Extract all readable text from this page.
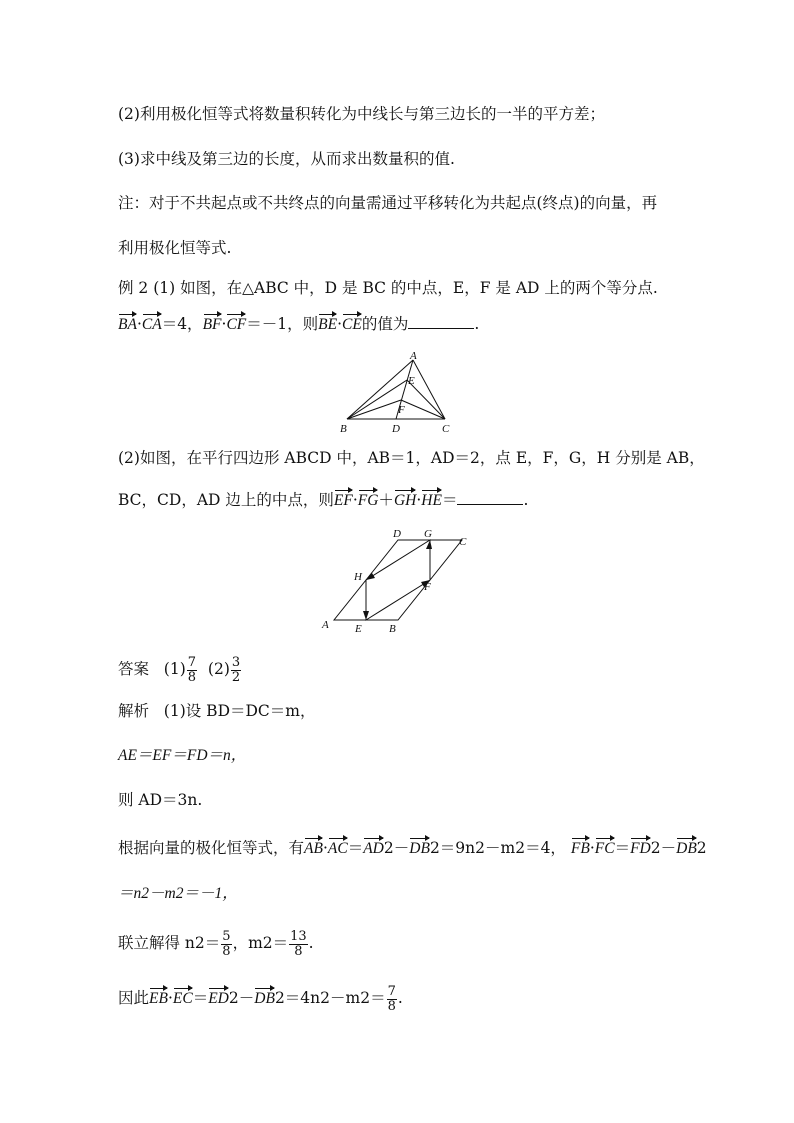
(2)利用极化恒等式将数量积转化为中线长与第三边长的一半的平方差；
(3)求中线及第三边的长度，从而求出数量积的值.
注：对于不共起点或不共终点的向量需通过平移转化为共起点(终点)的向量，再
利用极化恒等式.
例 2 (1) 如图，在△ABC 中，D 是 BC 的中点，E，F 是 AD 上的两个等分点.
BA·CA＝4，BF·CF＝－1，则BE·CE的值为	.
A
B	C
D
E
F
(2)如图，在平行四边形 ABCD 中，AB＝1，AD＝2，点 E，F，G，H 分别是 AB，
BC，CD，AD 边上的中点，则EF·FG＋GH·HE＝	.
A	B
C
D
E
F
G
H
答案 $(1) \frac{7}{8} (2) \frac{3}{2}$
解析 (1)设 BD＝DC＝m，
AE＝EF＝FD＝n，
则 AD＝3n.
根据向量的极化恒等式，有AB·AC＝AD2－DB2＝9n2－m2＝4， FB·FC＝FD2－DB2
＝n2－m2＝－1，
联立解得 $n2= \frac{5}{8}$ ，$m2= \frac{13}{8}$ .
因此$EB\cdot EC=ED2-DB2=4n2-m2= \frac{7}{8}$ .
